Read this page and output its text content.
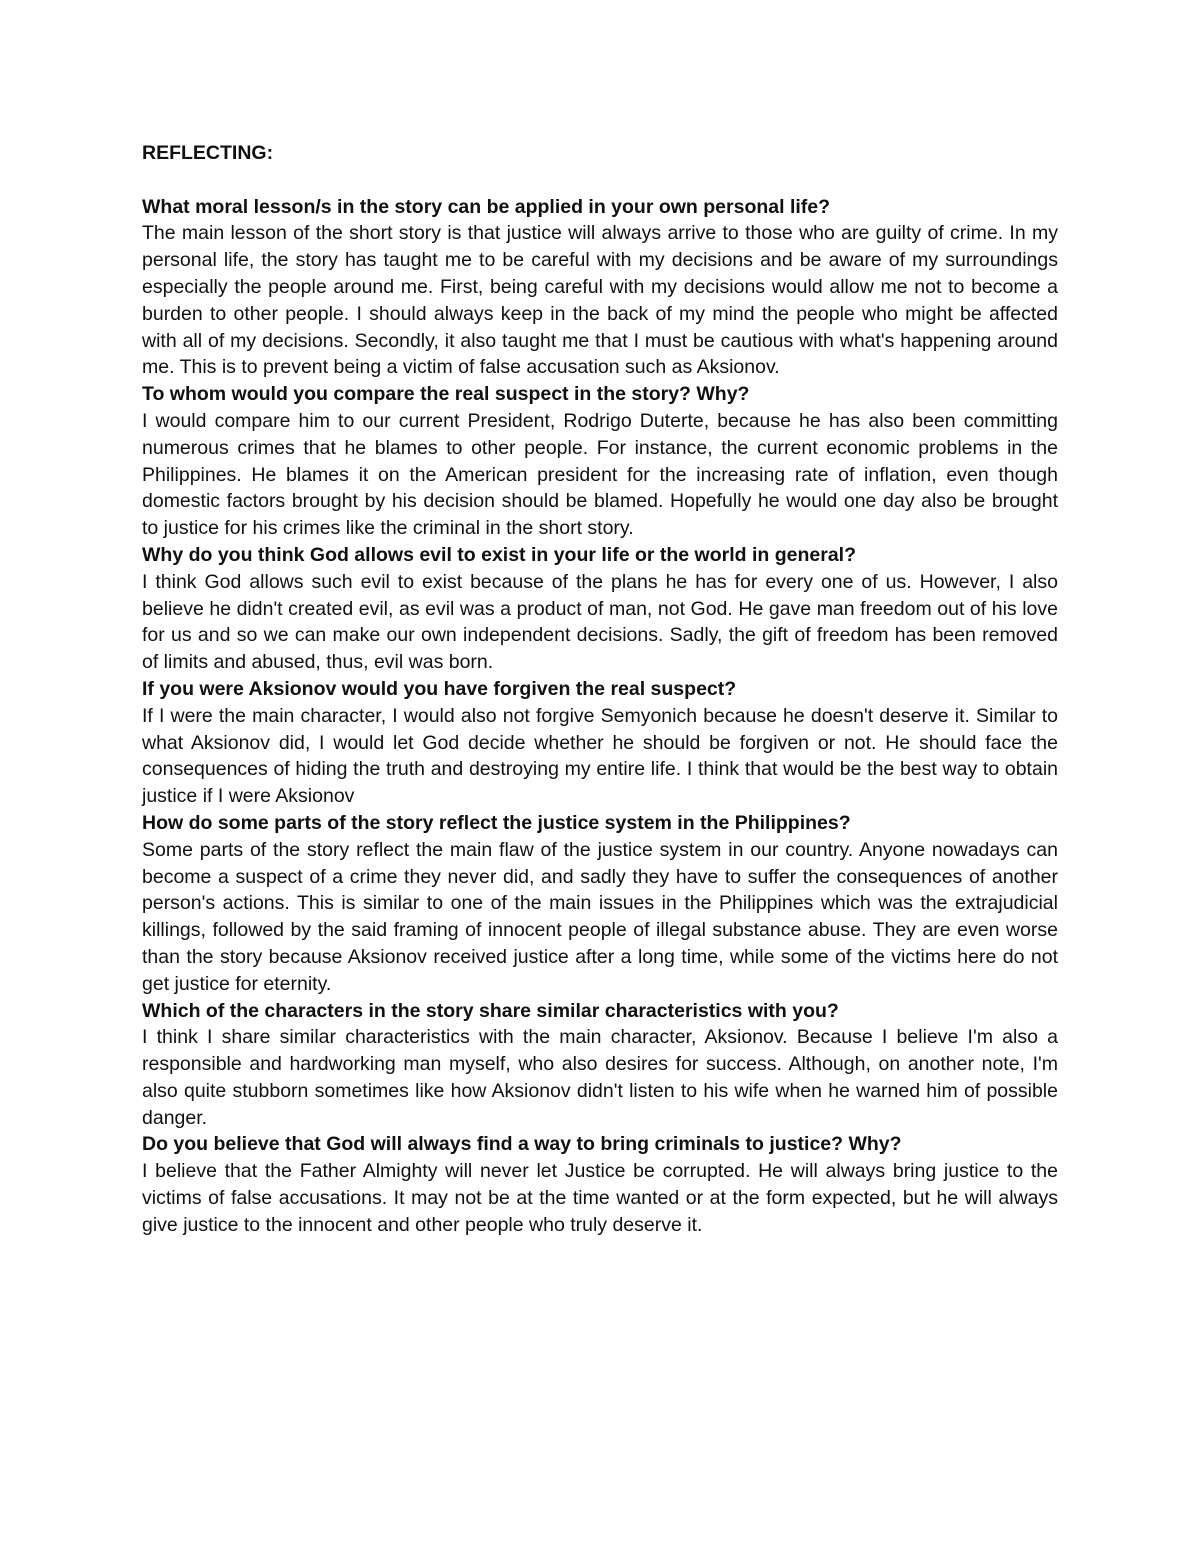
REFLECTING:

What moral lesson/s in the story can be applied in your own personal life?

The main lesson of the short story is that justice will always arrive to those who are guilty of crime. In my personal life, the story has taught me to be careful with my decisions and be aware of my surroundings especially the people around me. First, being careful with my decisions would allow me not to become a burden to other people. I should always keep in the back of my mind the people who might be affected with all of my decisions. Secondly, it also taught me that I must be cautious with what's happening around me. This is to prevent being a victim of false accusation such as Aksionov.

To whom would you compare the real suspect in the story? Why?

I would compare him to our current President, Rodrigo Duterte, because he has also been committing numerous crimes that he blames to other people. For instance, the current economic problems in the Philippines. He blames it on the American president for the increasing rate of inflation, even though domestic factors brought by his decision should be blamed. Hopefully he would one day also be brought to justice for his crimes like the criminal in the short story.

Why do you think God allows evil to exist in your life or the world in general?

I think God allows such evil to exist because of the plans he has for every one of us. However, I also believe he didn't created evil, as evil was a product of man, not God. He gave man freedom out of his love for us and so we can make our own independent decisions. Sadly, the gift of freedom has been removed of limits and abused, thus, evil was born.

If you were Aksionov would you have forgiven the real suspect?

If I were the main character, I would also not forgive Semyonich because he doesn't deserve it. Similar to what Aksionov did, I would let God decide whether he should be forgiven or not. He should face the consequences of hiding the truth and destroying my entire life. I think that would be the best way to obtain justice if I were Aksionov

How do some parts of the story reflect the justice system in the Philippines?

Some parts of the story reflect the main flaw of the justice system in our country. Anyone nowadays can become a suspect of a crime they never did, and sadly they have to suffer the consequences of another person's actions. This is similar to one of the main issues in the Philippines which was the extrajudicial killings, followed by the said framing of innocent people of illegal substance abuse. They are even worse than the story because Aksionov received justice after a long time, while some of the victims here do not get justice for eternity.

Which of the characters in the story share similar characteristics with you?

I think I share similar characteristics with the main character, Aksionov. Because I believe I'm also a responsible and hardworking man myself, who also desires for success. Although, on another note, I'm also quite stubborn sometimes like how Aksionov didn't listen to his wife when he warned him of possible danger.

Do you believe that God will always find a way to bring criminals to justice? Why?

I believe that the Father Almighty will never let Justice be corrupted. He will always bring justice to the victims of false accusations. It may not be at the time wanted or at the form expected, but he will always give justice to the innocent and other people who truly deserve it.
